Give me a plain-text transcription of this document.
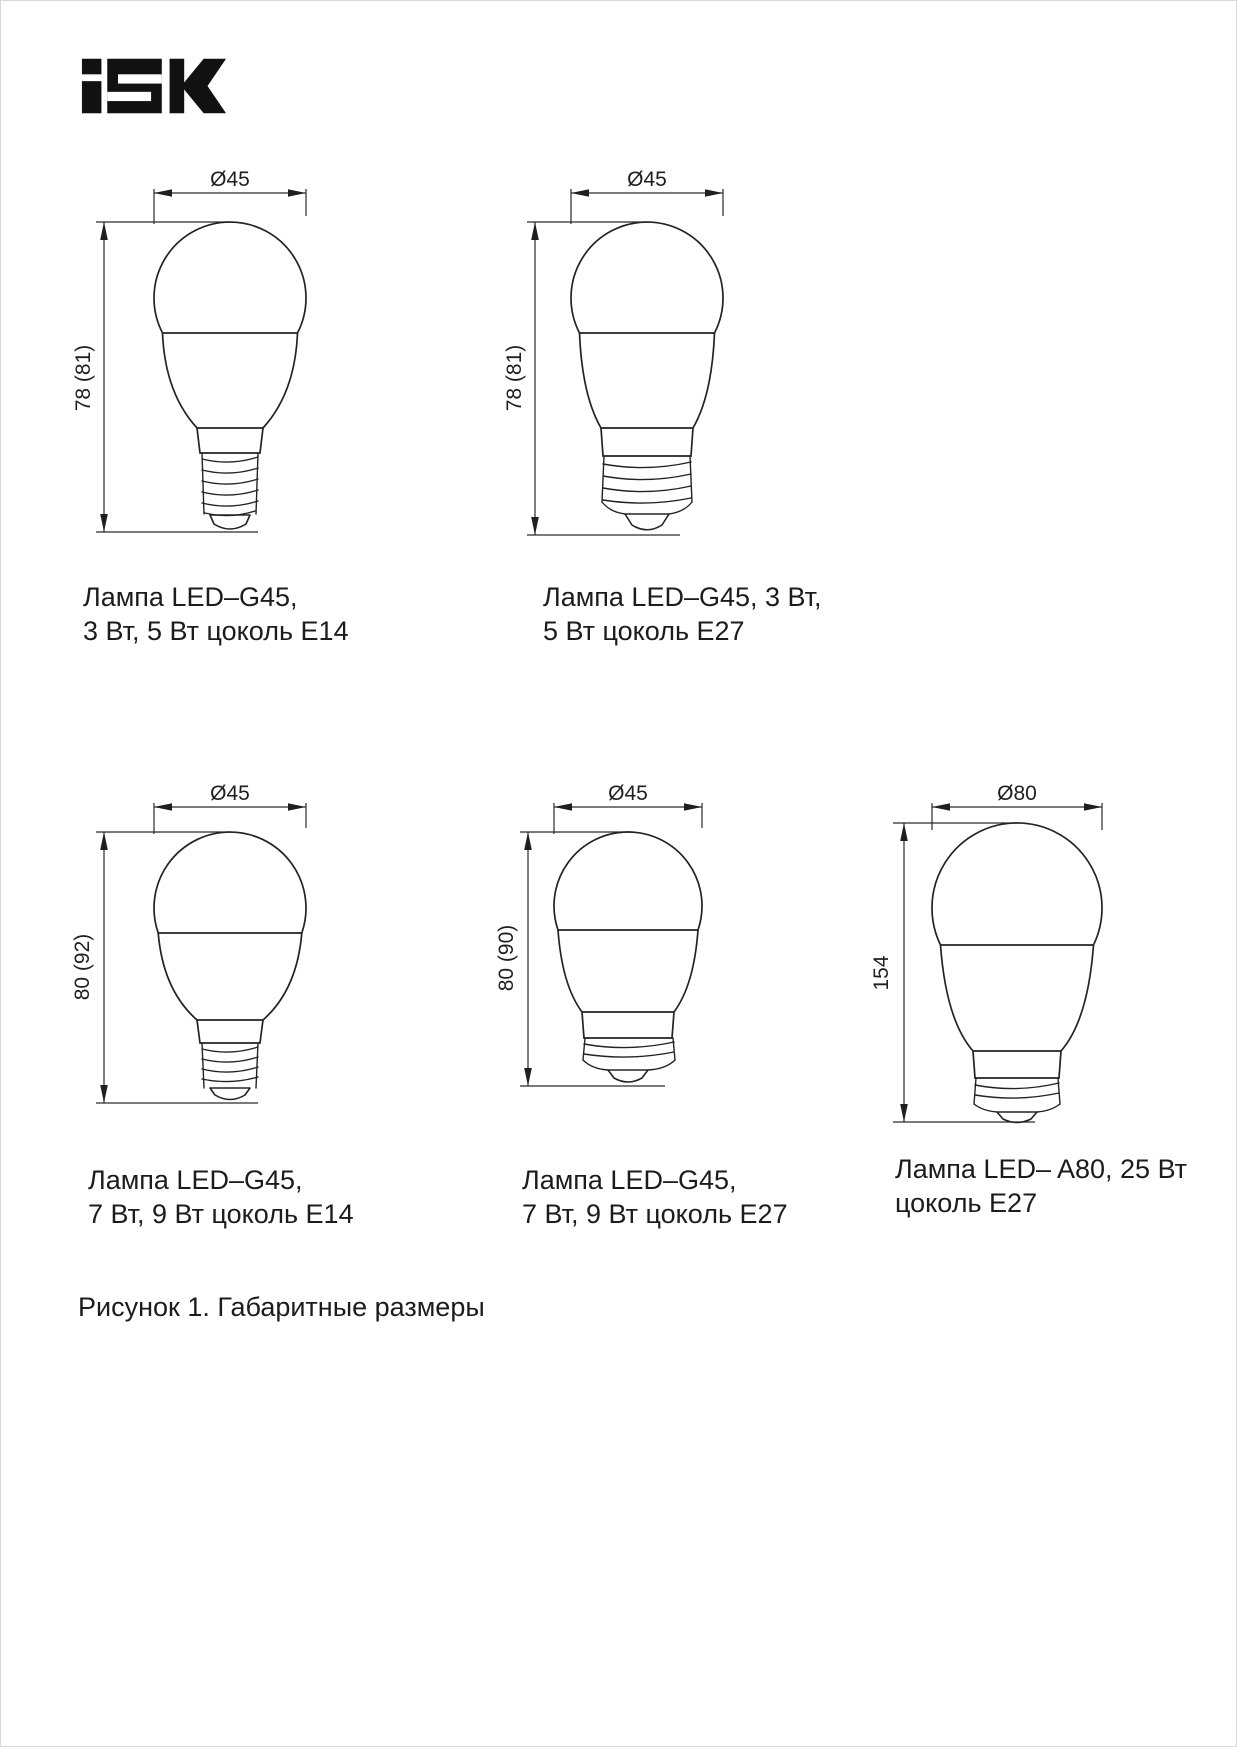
Ø45
78 (81)
Ø45
78 (81)
Ø45
80 (92)
Ø45
80 (90)
Ø80
154
Лампа LED–G45,
3 Вт, 5 Вт цоколь E14
Лампа LED–G45, 3 Вт,
5 Вт цоколь E27
Лампа LED–G45,
7 Вт, 9 Вт цоколь E14
Лампа LED–G45,
7 Вт, 9 Вт цоколь E27
Лампа LED– A80, 25 Вт
цоколь E27
Рисунок 1. Габаритные размеры
